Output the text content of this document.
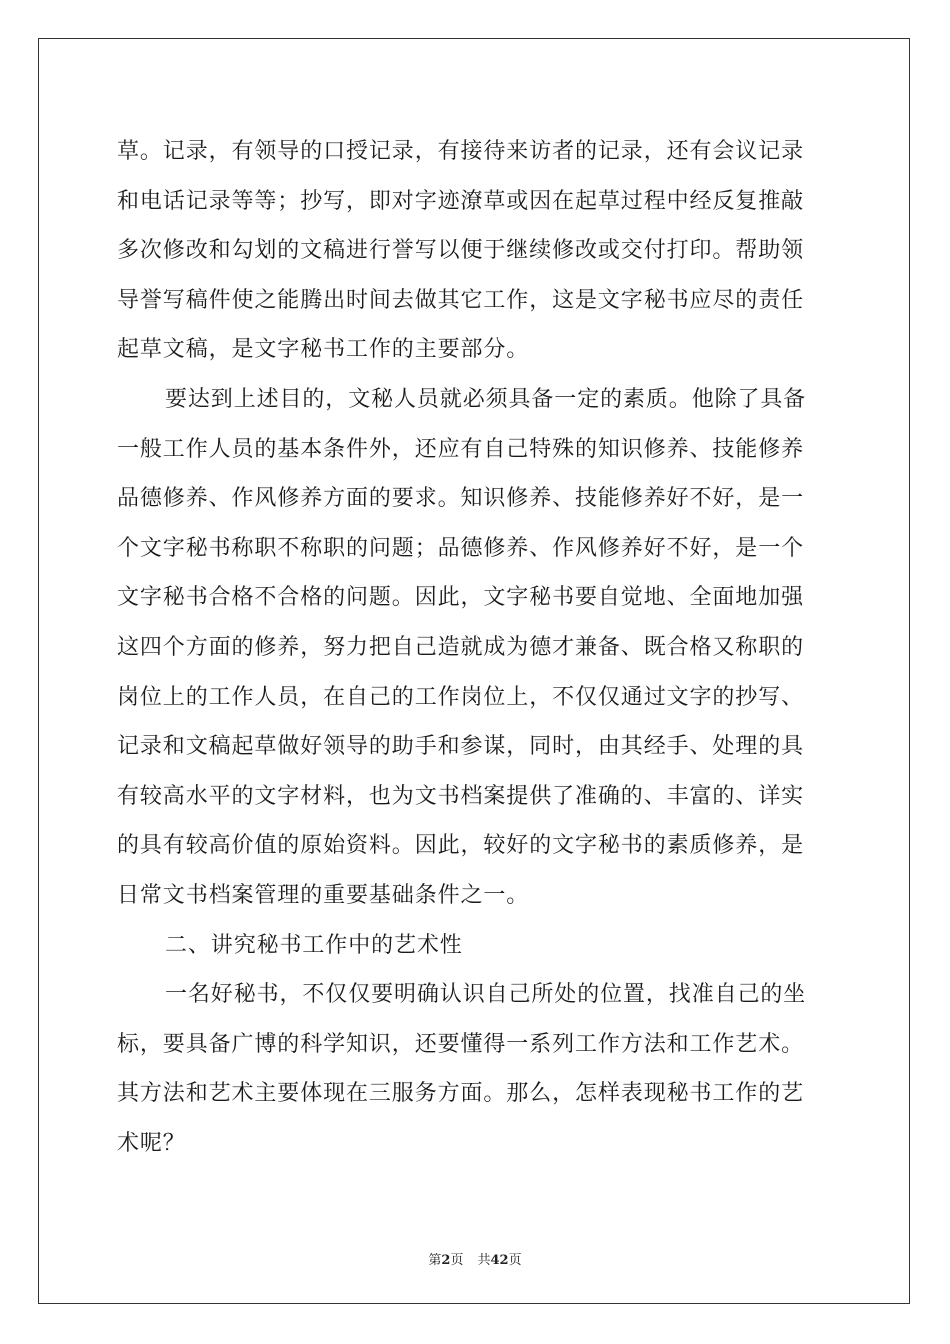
草。记录，有领导的口授记录，有接待来访者的记录，还有会议记录
和电话记录等等；抄写，即对字迹潦草或因在起草过程中经反复推敲
多次修改和勾划的文稿进行誉写以便于继续修改或交付打印。帮助领
导誉写稿件使之能腾出时间去做其它工作，这是文字秘书应尽的责任
起草文稿，是文字秘书工作的主要部分。
要达到上述目的，文秘人员就必须具备一定的素质。他除了具备
一般工作人员的基本条件外，还应有自己特殊的知识修养、技能修养
品德修养、作风修养方面的要求。知识修养、技能修养好不好，是一
个文字秘书称职不称职的问题；品德修养、作风修养好不好，是一个
文字秘书合格不合格的问题。因此，文字秘书要自觉地、全面地加强
这四个方面的修养，努力把自己造就成为德才兼备、既合格又称职的
岗位上的工作人员，在自己的工作岗位上，不仅仅通过文字的抄写、
记录和文稿起草做好领导的助手和参谋，同时，由其经手、处理的具
有较高水平的文字材料，也为文书档案提供了准确的、丰富的、详实
的具有较高价值的原始资料。因此，较好的文字秘书的素质修养，是
日常文书档案管理的重要基础条件之一。
二、讲究秘书工作中的艺术性
一名好秘书，不仅仅要明确认识自己所处的位置，找准自己的坐
标，要具备广博的科学知识，还要懂得一系列工作方法和工作艺术。
其方法和艺术主要体现在三服务方面。那么，怎样表现秘书工作的艺
术呢？
第2页 共42页
